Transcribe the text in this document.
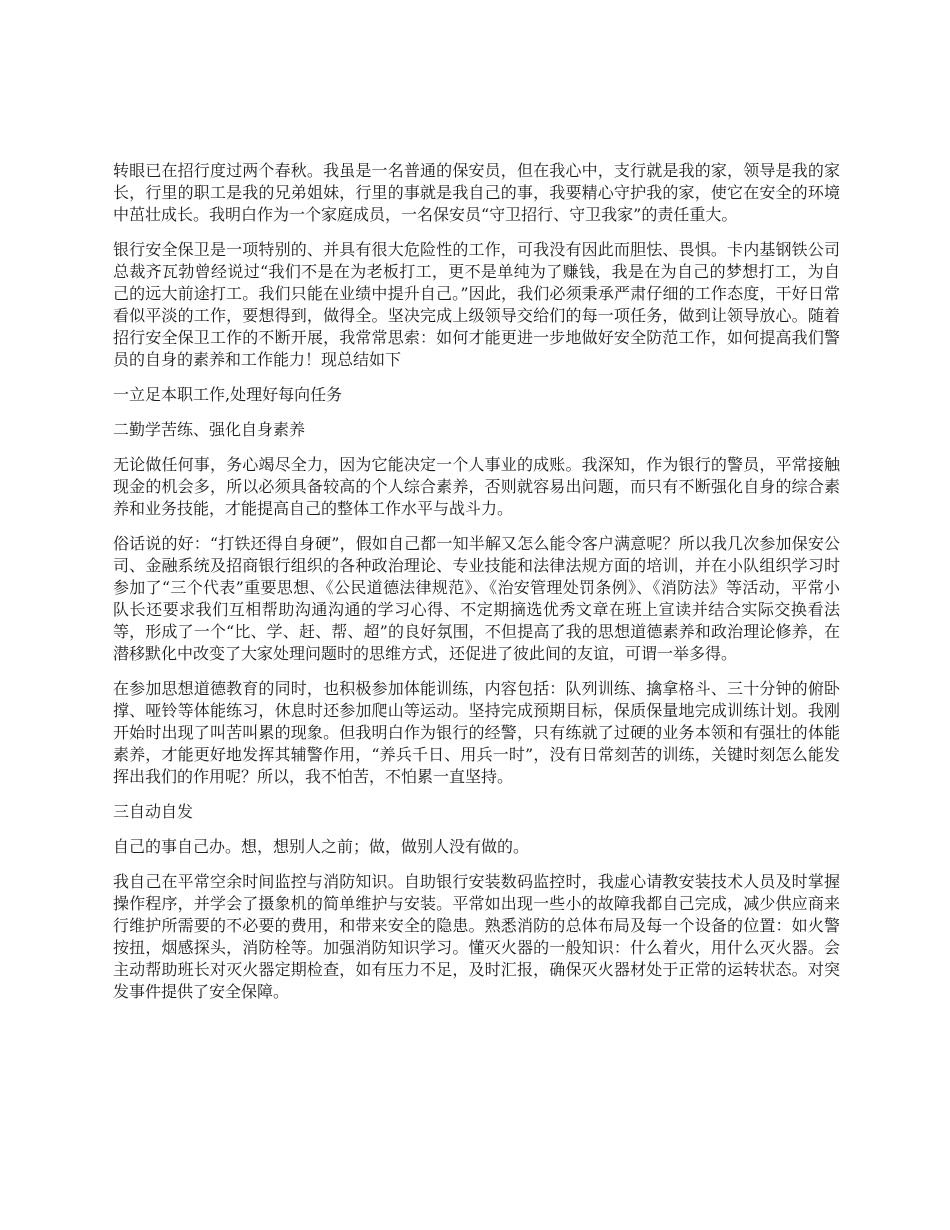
转眼已在招行度过两个春秋。我虽是一名普通的保安员，但在我心中，支行就是我的家，领导是我的家长，行里的职工是我的兄弟姐妹，行里的事就是我自己的事，我要精心守护我的家，使它在安全的环境中茁壮成长。我明白作为一个家庭成员，一名保安员“守卫招行、守卫我家”的责任重大。

银行安全保卫是一项特别的、并具有很大危险性的工作，可我没有因此而胆怯、畏惧。卡内基钢铁公司总裁齐瓦勃曾经说过“我们不是在为老板打工，更不是单纯为了赚钱，我是在为自己的梦想打工，为自己的远大前途打工。我们只能在业绩中提升自己。”因此，我们必须秉承严肃仔细的工作态度，干好日常看似平淡的工作，要想得到，做得全。坚决完成上级领导交给们的每一项任务，做到让领导放心。随着招行安全保卫工作的不断开展，我常常思索：如何才能更进一步地做好安全防范工作，如何提高我们警员的自身的素养和工作能力！现总结如下

一立足本职工作,处理好每向任务

二勤学苦练、强化自身素养

无论做任何事，务心竭尽全力，因为它能决定一个人事业的成账。我深知，作为银行的警员，平常接触现金的机会多，所以必须具备较高的个人综合素养，否则就容易出问题，而只有不断强化自身的综合素养和业务技能，才能提高自己的整体工作水平与战斗力。

俗话说的好：“打铁还得自身硬”，假如自己都一知半解又怎么能令客户满意呢？所以我几次参加保安公司、金融系统及招商银行组织的各种政治理论、专业技能和法律法规方面的培训，并在小队组织学习时参加了“三个代表”重要思想、《公民道德法律规范》、《治安管理处罚条例》、《消防法》等活动，平常小队长还要求我们互相帮助沟通沟通的学习心得、不定期摘选优秀文章在班上宣读并结合实际交换看法等，形成了一个“比、学、赶、帮、超”的良好氛围，不但提高了我的思想道德素养和政治理论修养，在潜移默化中改变了大家处理问题时的思维方式，还促进了彼此间的友谊，可谓一举多得。

在参加思想道德教育的同时，也积极参加体能训练，内容包括：队列训练、擒拿格斗、三十分钟的俯卧撑、哑铃等体能练习，休息时还参加爬山等运动。坚持完成预期目标，保质保量地完成训练计划。我刚开始时出现了叫苦叫累的现象。但我明白作为银行的经警，只有练就了过硬的业务本领和有强壮的体能素养，才能更好地发挥其辅警作用，“养兵千日、用兵一时”，没有日常刻苦的训练，关键时刻怎么能发挥出我们的作用呢？所以，我不怕苦，不怕累一直坚持。

三自动自发

自己的事自己办。想，想别人之前；做，做别人没有做的。

我自己在平常空余时间监控与消防知识。自助银行安装数码监控时，我虚心请教安装技术人员及时掌握操作程序，并学会了摄象机的简单维护与安装。平常如出现一些小的故障我都自己完成，减少供应商来行维护所需要的不必要的费用，和带来安全的隐患。熟悉消防的总体布局及每一个设备的位置：如火警按扭，烟感探头，消防栓等。加强消防知识学习。懂灭火器的一般知识：什么着火，用什么灭火器。会主动帮助班长对灭火器定期检查，如有压力不足，及时汇报，确保灭火器材处于正常的运转状态。对突发事件提供了安全保障。
